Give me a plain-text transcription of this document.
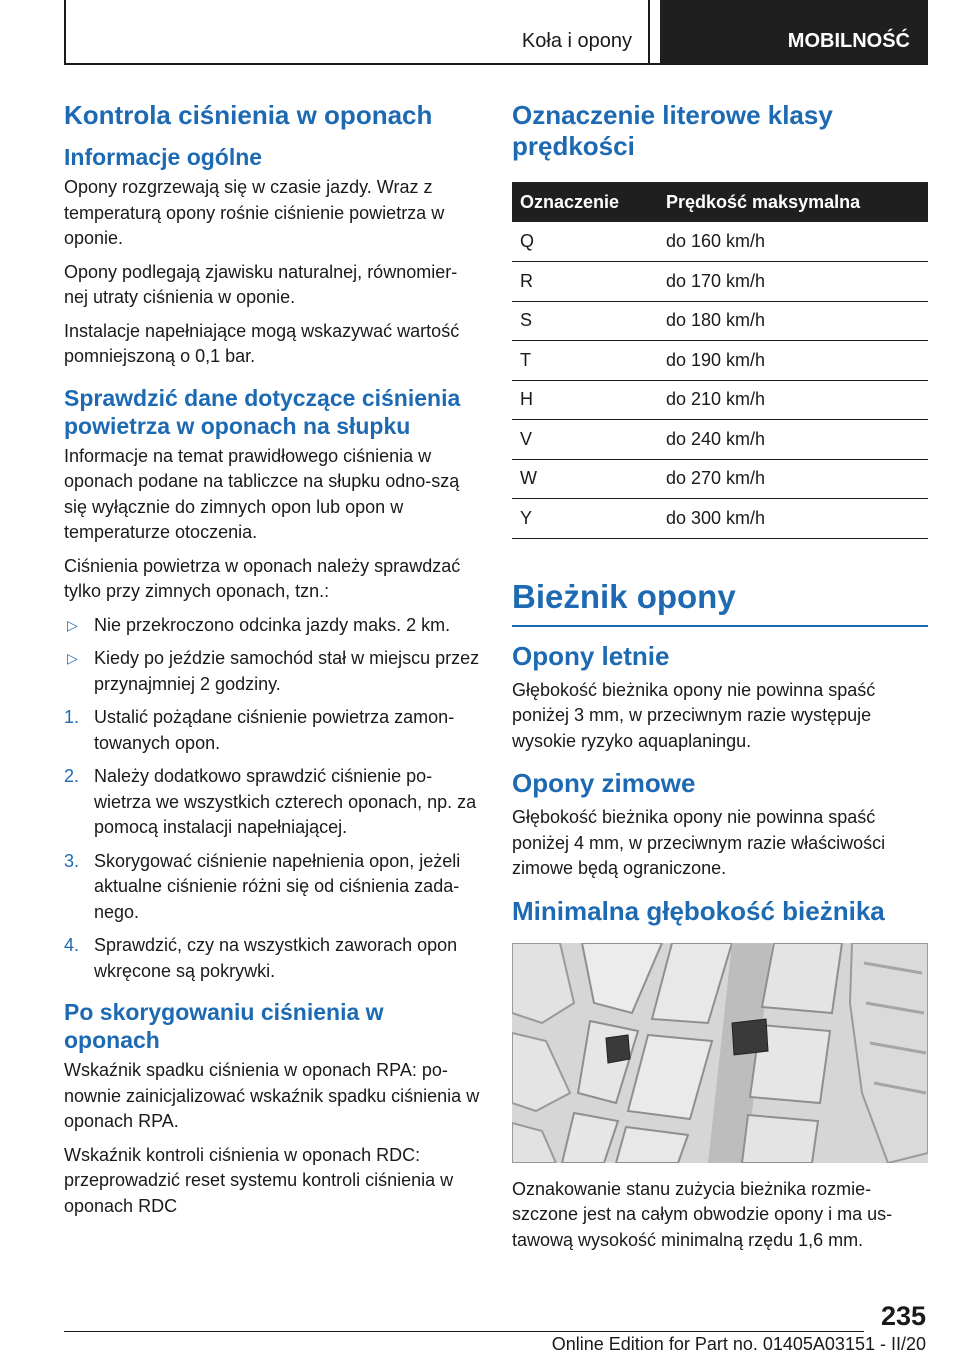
Koła i opony	MOBILNOŚĆ
Kontrola ciśnienia w oponach
Informacje ogólne

Opony rozgrzewają się w czasie jazdy. Wraz z temperaturą opony rośnie ciśnienie powietrza w oponie.

Opony podlegają zjawisku naturalnej, równomier-nej utraty ciśnienia w oponie.

Instalacje napełniające mogą wskazywać wartość pomniejszoną o 0,1 bar.

Sprawdzić dane dotyczące ciśnienia powietrza w oponach na słupku

Informacje na temat prawidłowego ciśnienia w oponach podane na tabliczce na słupku odno-szą się wyłącznie do zimnych opon lub opon w temperaturze otoczenia.

Ciśnienia powietrza w oponach należy sprawdzać tylko przy zimnych oponach, tzn.:

▷ Nie przekroczono odcinka jazdy maks. 2 km.
▷ Kiedy po jeździe samochód stał w miejscu przez przynajmniej 2 godziny.
1. Ustalić pożądane ciśnienie powietrza zamon-towanych opon.
2. Należy dodatkowo sprawdzić ciśnienie po-wietrza we wszystkich czterech oponach, np. za pomocą instalacji napełniającej.
3. Skorygować ciśnienie napełnienia opon, jeżeli aktualne ciśnienie różni się od ciśnienia zada-nego.
4. Sprawdzić, czy na wszystkich zaworach opon wkręcone są pokrywki.
Po skorygowaniu ciśnienia w oponach

Wskaźnik spadku ciśnienia w oponach RPA: po-nownie zainicjalizować wskaźnik spadku ciśnienia w oponach RPA.

Wskaźnik kontroli ciśnienia w oponach RDC: przeprowadzić reset systemu kontroli ciśnienia w oponach RDC

Oznaczenie literowe klasy prędkości
Oznaczenie	Prędkość maksymalna
Q	do 160 km/h
R	do 170 km/h
S	do 180 km/h
T	do 190 km/h
H	do 210 km/h
V	do 240 km/h
W	do 270 km/h
Y	do 300 km/h
Bieżnik opony
Opony letnie

Głębokość bieżnika opony nie powinna spaść poniżej 3 mm, w przeciwnym razie występuje wysokie ryzyko aquaplaningu.

Opony zimowe

Głębokość bieżnika opony nie powinna spaść poniżej 4 mm, w przeciwnym razie właściwości zimowe będą ograniczone.

Minimalna głębokość bieżnika

Oznakowanie stanu zużycia bieżnika rozmie-szczone jest na całym obwodzie opony i ma us-tawową wysokość minimalną rzędu 1,6 mm.

235
Online Edition for Part no. 01405A03151 - II/20
